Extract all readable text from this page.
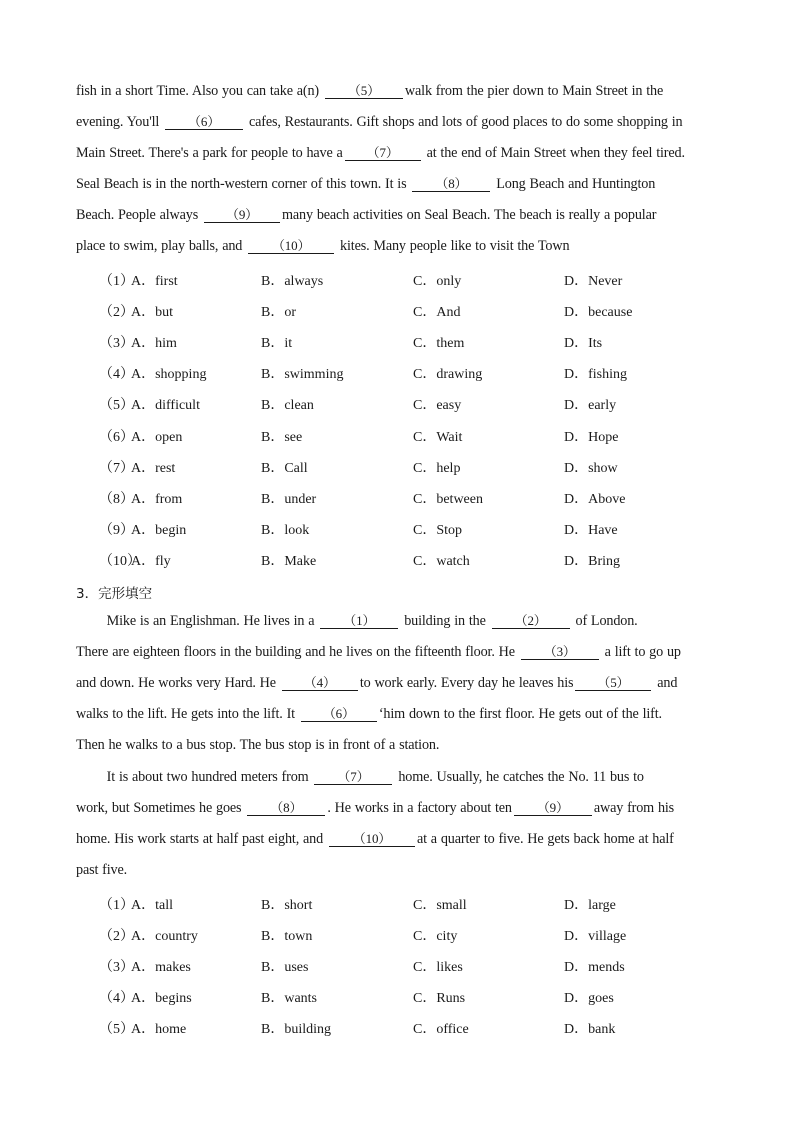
fish in a short Time. Also you can take a(n) （5） walk from the pier down to Main Street in the
evening. You'll （6） cafes, Restaurants. Gift shops and lots of good places to do some shopping in
Main Street. There's a park for people to have a （7） at the end of Main Street when they feel tired.
Seal Beach is in the north-western corner of this town. It is （8） Long Beach and Huntington
Beach. People always （9） many beach activities on Seal Beach. The beach is really a popular
place to swim, play balls, and （10） kites. Many people like to visit the Town
（1）
A．first	B．always	C．only	D．Never
（2）
A．but	B．or	C．And	D．because
（3）
A．him	B．it	C．them	D．Its
（4）
A．shopping	B．swimming	C．drawing	D．fishing
（5）
A．difficult	B．clean	C．easy	D．early
（6）
A．open	B．see	C．Wait	D．Hope
（7）
A．rest	B．Call	C．help	D．show
（8）
A．from	B．under	C．between	D．Above
（9）
A．begin	B．look	C．Stop	D．Have
（10）
A．fly	B．Make	C．watch	D．Bring
3．完形填空
Mike is an Englishman. He lives in a （1） building in the （2） of London.
There are eighteen floors in the building and he lives on the fifteenth floor. He （3） a lift to go up
and down. He works very Hard. He （4） to work early. Every day he leaves his （5） and
walks to the lift. He gets into the lift. It （6） ‘him down to the first floor. He gets out of the lift.
Then he walks to a bus stop. The bus stop is in front of a station.
It is about two hundred meters from （7） home. Usually, he catches the No. 11 bus to
work, but Sometimes he goes （8） . He works in a factory about ten （9） away from his
home. His work starts at half past eight, and （10） at a quarter to five. He gets back home at half
past five.
（1）
A．tall	B．short	C．small	D．large
（2）
A．country	B．town	C．city	D．village
（3）
A．makes	B．uses	C．likes	D．mends
（4）
A．begins	B．wants	C．Runs	D．goes
（5）
A．home	B．building	C．office	D．bank
